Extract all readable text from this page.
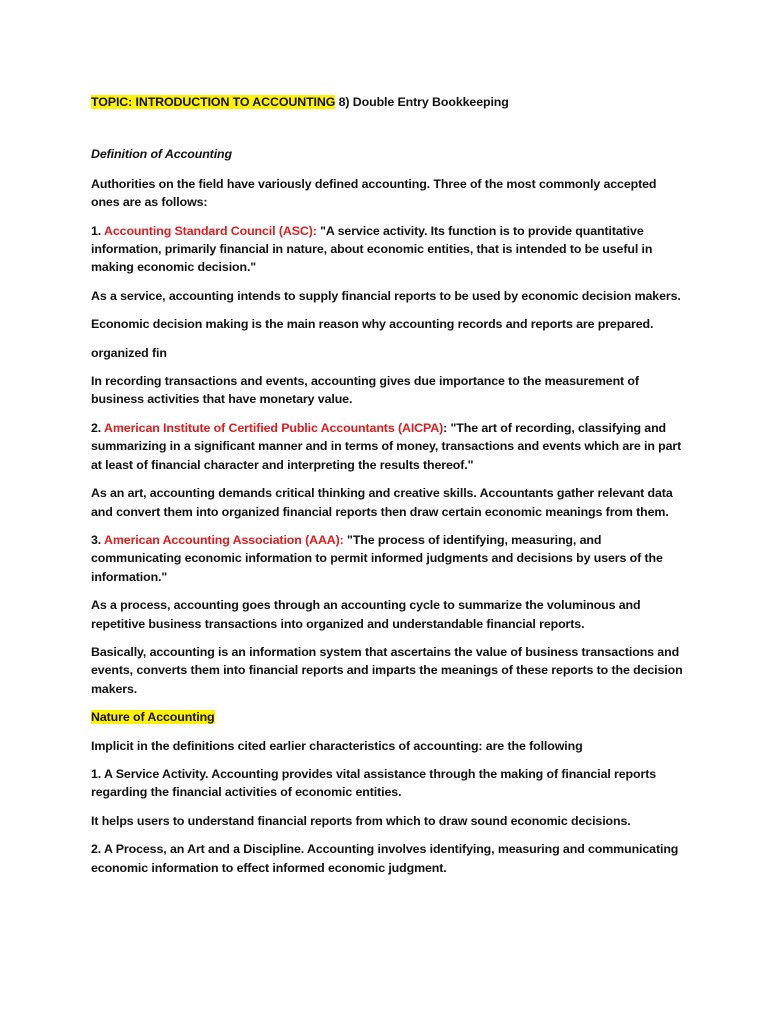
TOPIC: INTRODUCTION TO ACCOUNTING 8) Double Entry Bookkeeping

Definition of Accounting

Authorities on the field have variously defined accounting. Three of the most commonly accepted ones are as follows:

1. Accounting Standard Council (ASC): "A service activity. Its function is to provide quantitative information, primarily financial in nature, about economic entities, that is intended to be useful in making economic decision."

As a service, accounting intends to supply financial reports to be used by economic decision makers.

Economic decision making is the main reason why accounting records and reports are prepared.

organized fin

In recording transactions and events, accounting gives due importance to the measurement of business activities that have monetary value.

2. American Institute of Certified Public Accountants (AICPA): "The art of recording, classifying and summarizing in a significant manner and in terms of money, transactions and events which are in part at least of financial character and interpreting the results thereof."

As an art, accounting demands critical thinking and creative skills. Accountants gather relevant data and convert them into organized financial reports then draw certain economic meanings from them.

3. American Accounting Association (AAA): "The process of identifying, measuring, and communicating economic information to permit informed judgments and decisions by users of the information."

As a process, accounting goes through an accounting cycle to summarize the voluminous and repetitive business transactions into organized and understandable financial reports.

Basically, accounting is an information system that ascertains the value of business transactions and events, converts them into financial reports and imparts the meanings of these reports to the decision makers.

Nature of Accounting

Implicit in the definitions cited earlier characteristics of accounting: are the following

1. A Service Activity. Accounting provides vital assistance through the making of financial reports regarding the financial activities of economic entities.

It helps users to understand financial reports from which to draw sound economic decisions.

2. A Process, an Art and a Discipline. Accounting involves identifying, measuring and communicating economic information to effect informed economic judgment.
